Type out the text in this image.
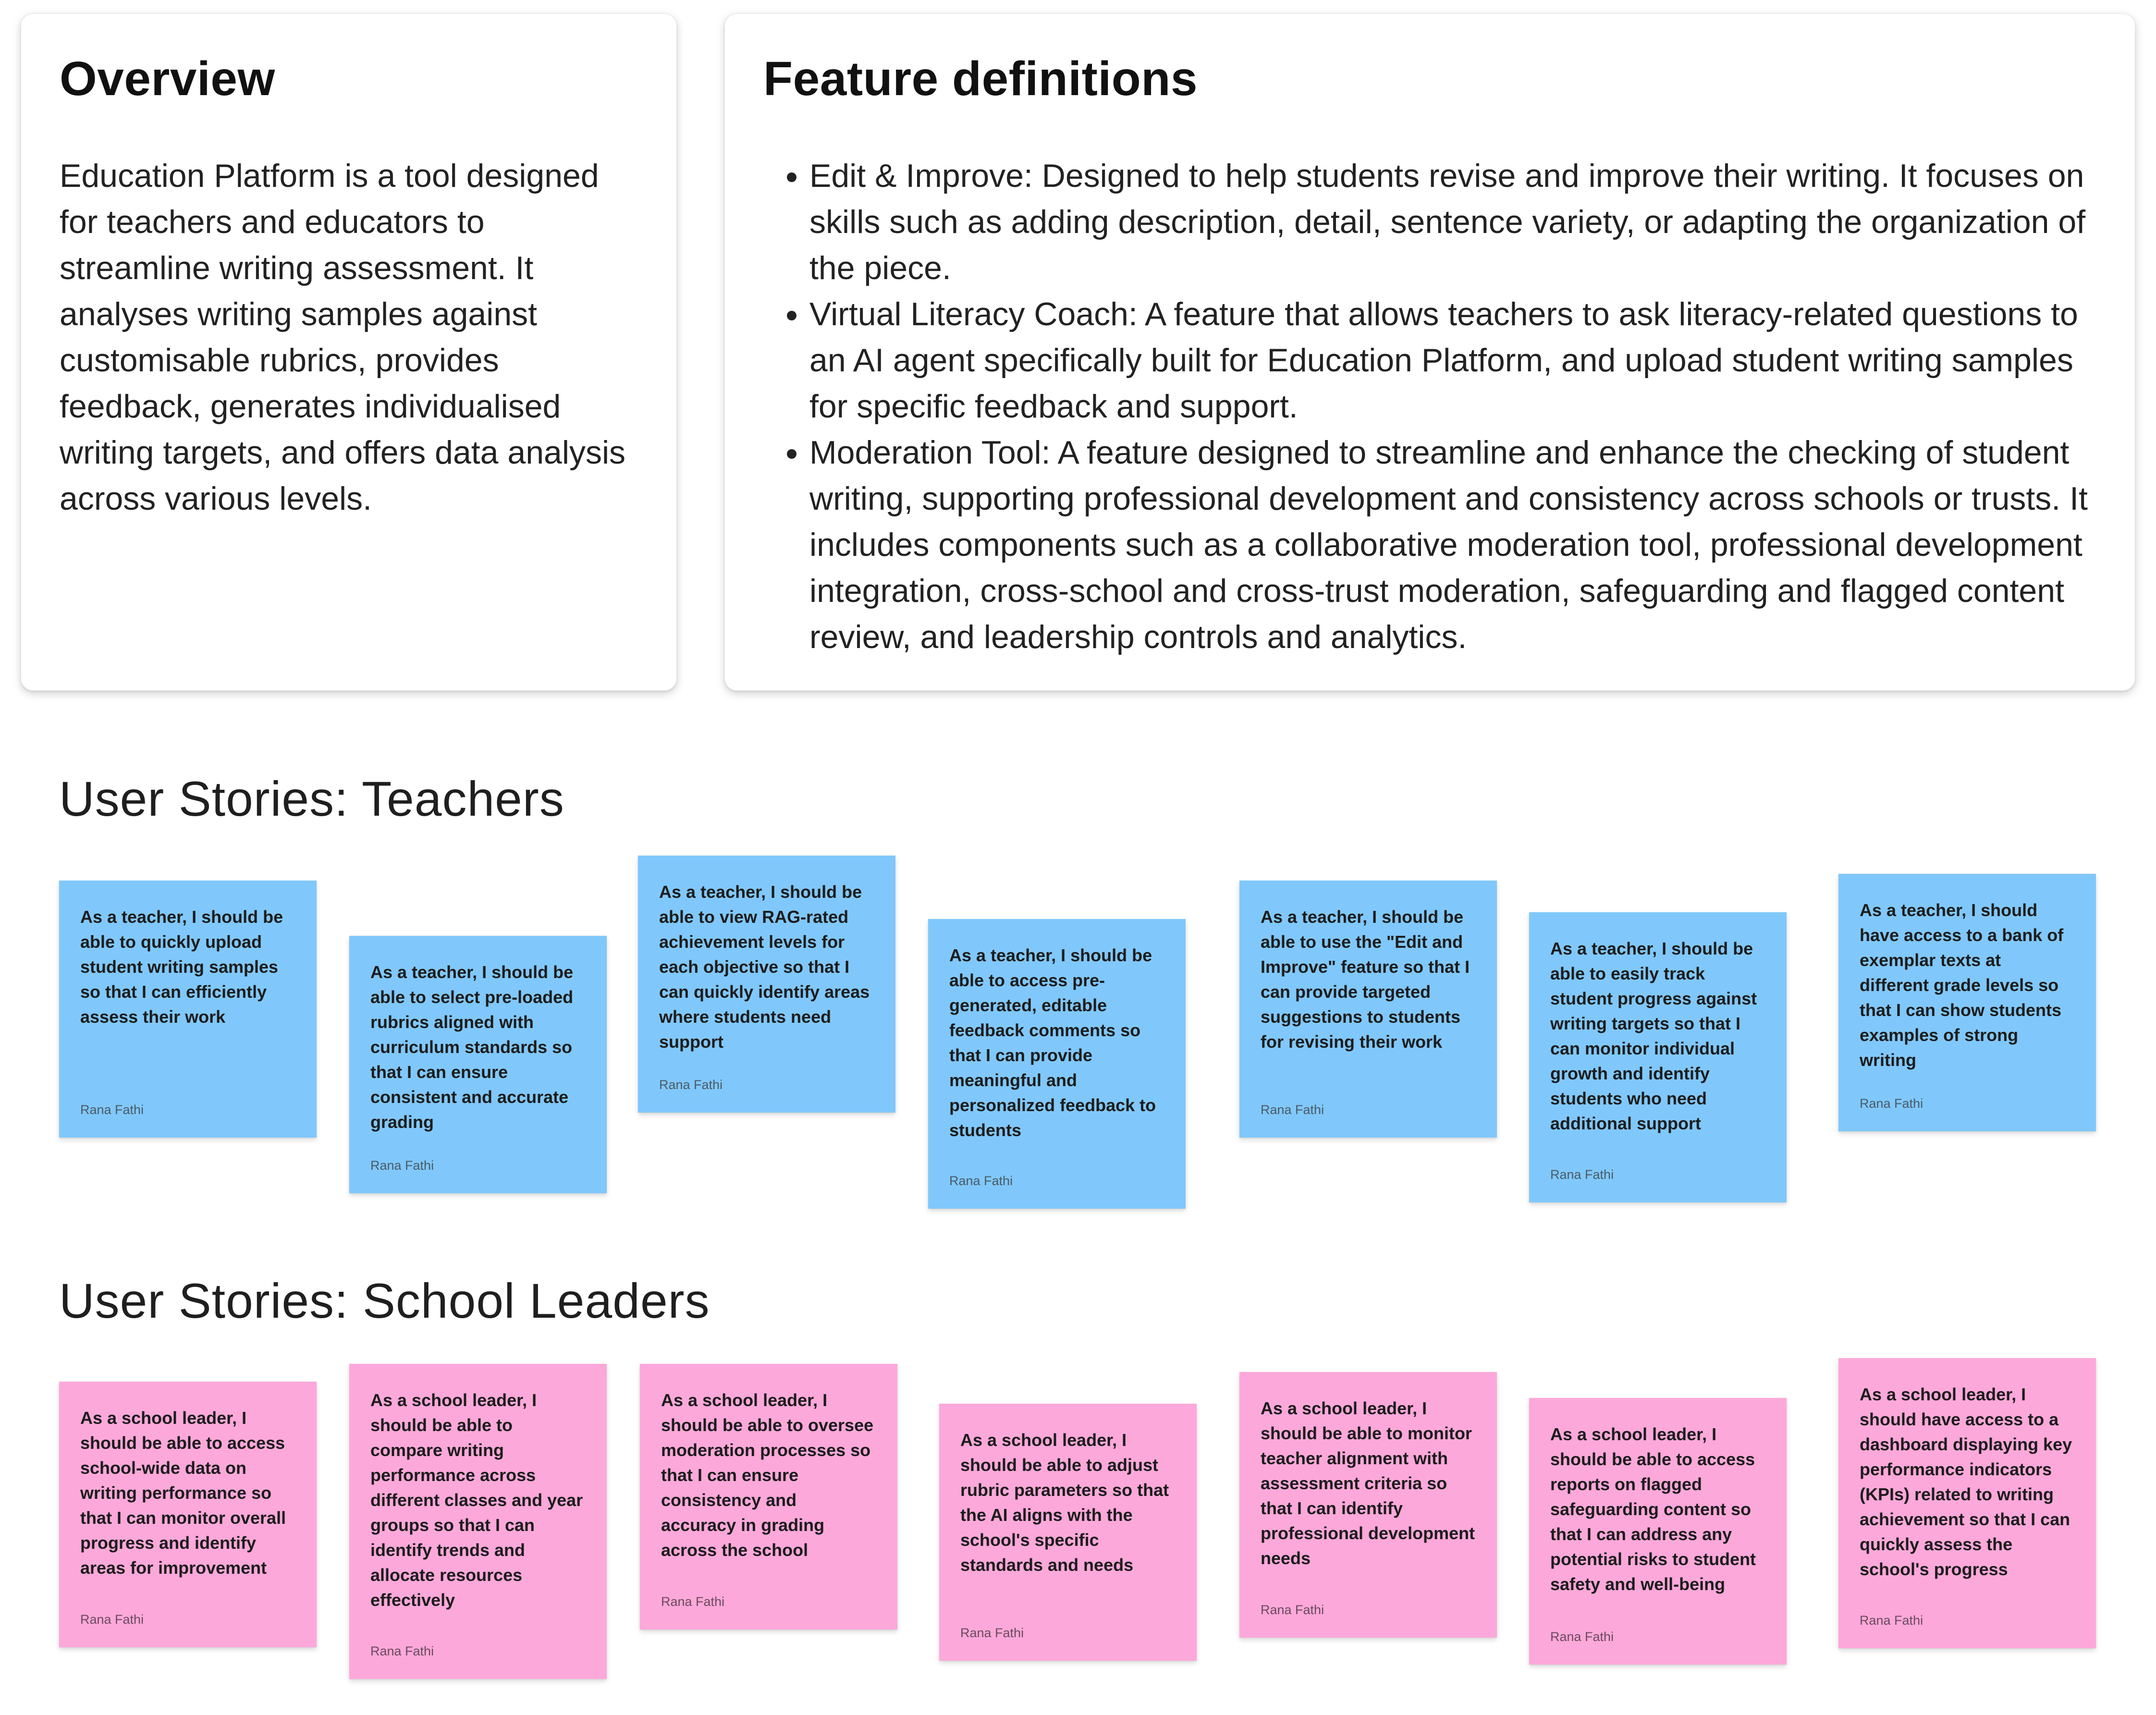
Overview

Education Platform is a tool designed for teachers and educators to streamline writing assessment. It analyses writing samples against customisable rubrics, provides feedback, generates individualised writing targets, and offers data analysis across various levels.

Feature definitions
• Edit & Improve: Designed to help students revise and improve their writing. It focuses on skills such as adding description, detail, sentence variety, or adapting the organization of the piece.
• Virtual Literacy Coach: A feature that allows teachers to ask literacy-related questions to an AI agent specifically built for Education Platform, and upload student writing samples for specific feedback and support.
• Moderation Tool: A feature designed to streamline and enhance the checking of student writing, supporting professional development and consistency across schools or trusts. It includes components such as a collaborative moderation tool, professional development integration, cross-school and cross-trust moderation, safeguarding and flagged content review, and leadership controls and analytics.
User Stories: Teachers

As a teacher, I should be able to quickly upload student writing samples so that I can efficiently assess their work

Rana Fathi

As a teacher, I should be able to select pre-loaded rubrics aligned with curriculum standards so that I can ensure consistent and accurate grading

Rana Fathi

As a teacher, I should be able to view RAG-rated achievement levels for each objective so that I can quickly identify areas where students need support

Rana Fathi

As a teacher, I should be able to access pre-generated, editable feedback comments so that I can provide meaningful and personalized feedback to students

Rana Fathi

As a teacher, I should be able to use the "Edit and Improve" feature so that I can provide targeted suggestions to students for revising their work

Rana Fathi

As a teacher, I should be able to easily track student progress against writing targets so that I can monitor individual growth and identify students who need additional support

Rana Fathi

As a teacher, I should have access to a bank of exemplar texts at different grade levels so that I can show students examples of strong writing

Rana Fathi
User Stories: School Leaders

As a school leader, I should be able to access school-wide data on writing performance so that I can monitor overall progress and identify areas for improvement

Rana Fathi

As a school leader, I should be able to compare writing performance across different classes and year groups so that I can identify trends and allocate resources effectively

Rana Fathi

As a school leader, I should be able to oversee moderation processes so that I can ensure consistency and accuracy in grading across the school

Rana Fathi

As a school leader, I should be able to adjust rubric parameters so that the AI aligns with the school's specific standards and needs

Rana Fathi

As a school leader, I should be able to monitor teacher alignment with assessment criteria so that I can identify professional development needs

Rana Fathi

As a school leader, I should be able to access reports on flagged safeguarding content so that I can address any potential risks to student safety and well-being

Rana Fathi

As a school leader, I should have access to a dashboard displaying key performance indicators (KPIs) related to writing achievement so that I can quickly assess the school's progress

Rana Fathi
